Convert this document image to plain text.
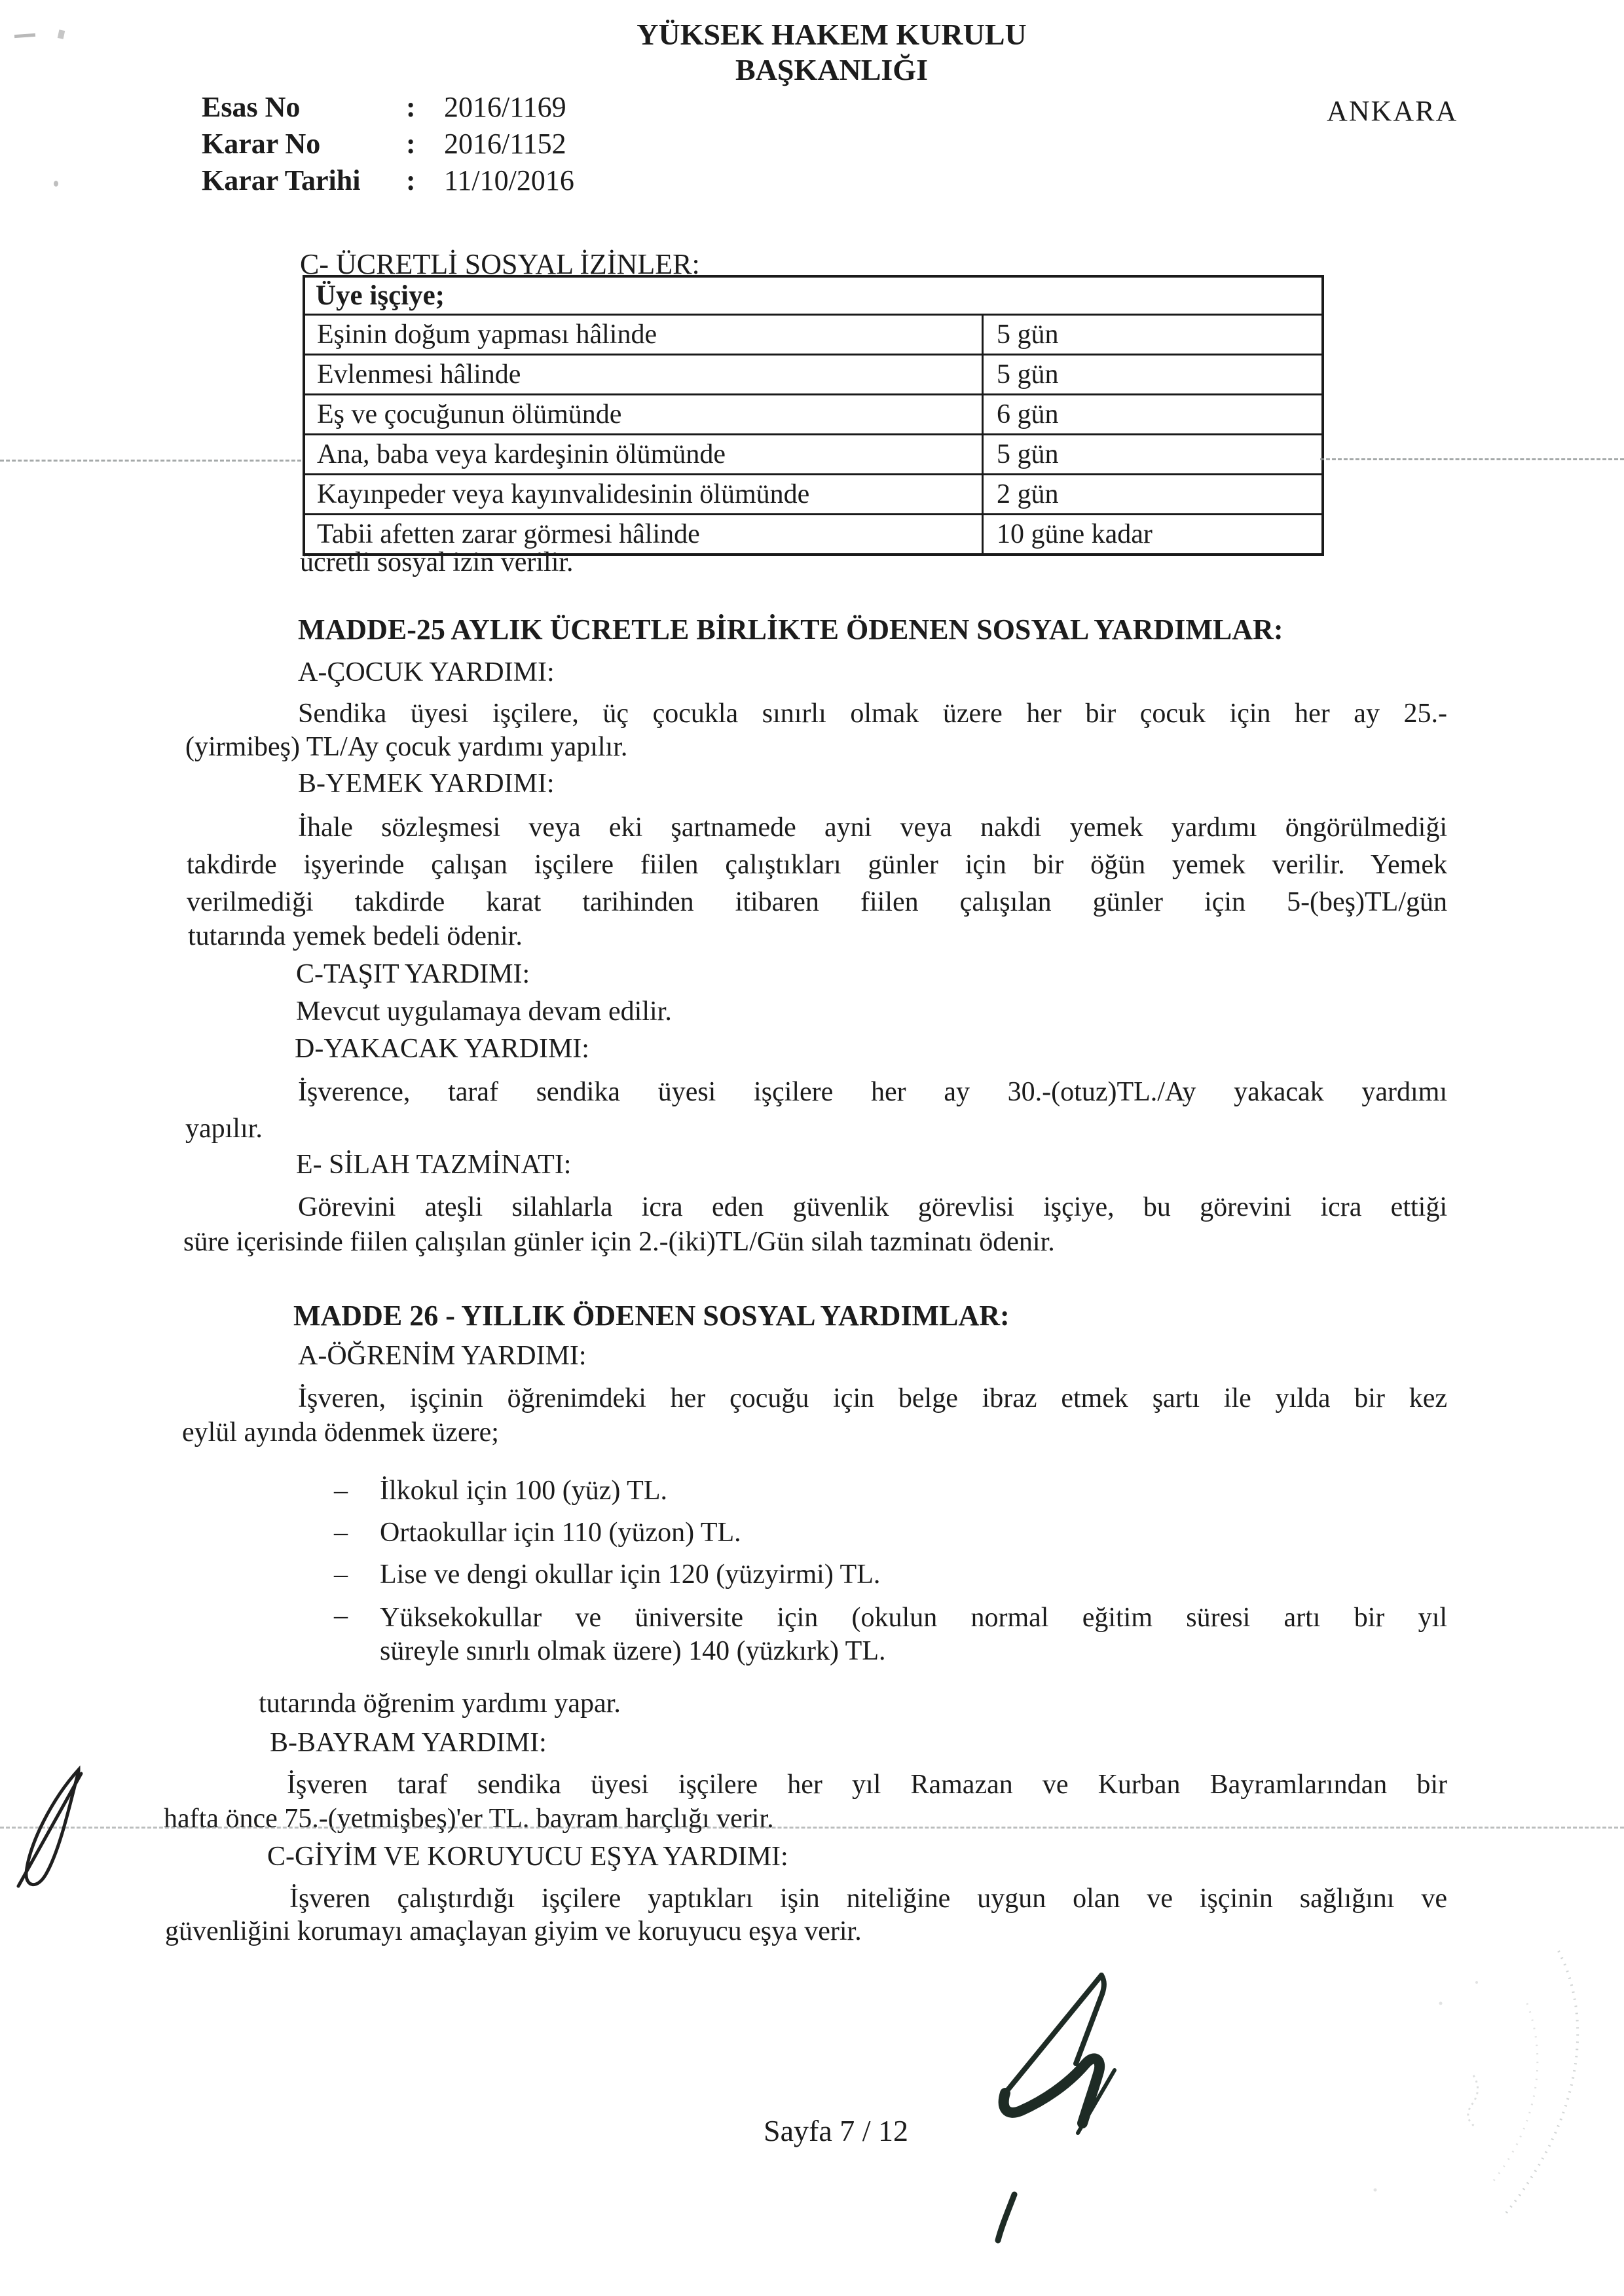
YÜKSEK HAKEM KURULU
BAŞKANLIĞI
ANKARA
Esas No	: 2016/1169
Karar No	: 2016/1152
Karar Tarihi	: 11/10/2016
C- ÜCRETLİ SOSYAL İZİNLER:
Üye işçiye;
Eşinin doğum yapması hâlinde	5 gün
Evlenmesi hâlinde	5 gün
Eş ve çocuğunun ölümünde	6 gün
Ana, baba veya kardeşinin ölümünde	5 gün
Kayınpeder veya kayınvalidesinin ölümünde	2 gün
Tabii afetten zarar görmesi hâlinde	10 güne kadar
ücretli sosyal izin verilir.
MADDE-25 AYLIK ÜCRETLE BİRLİKTE ÖDENEN SOSYAL YARDIMLAR:
A-ÇOCUK YARDIMI:
Sendika üyesi işçilere, üç çocukla sınırlı olmak üzere her bir çocuk için her ay 25.-
(yirmibeş) TL/Ay çocuk yardımı yapılır.
B-YEMEK YARDIMI:
İhale sözleşmesi veya eki şartnamede ayni veya nakdi yemek yardımı öngörülmediği
takdirde işyerinde çalışan işçilere fiilen çalıştıkları günler için bir öğün yemek verilir. Yemek
verilmediği takdirde karat tarihinden itibaren fiilen çalışılan günler için 5-(beş)TL/gün
tutarında yemek bedeli ödenir.
C-TAŞIT YARDIMI:
Mevcut uygulamaya devam edilir.
D-YAKACAK YARDIMI:
İşverence, taraf sendika üyesi işçilere her ay 30.-(otuz)TL./Ay yakacak yardımı
yapılır.
E- SİLAH TAZMİNATI:
Görevini ateşli silahlarla icra eden güvenlik görevlisi işçiye, bu görevini icra ettiği
süre içerisinde fiilen çalışılan günler için 2.-(iki)TL/Gün silah tazminatı ödenir.
MADDE 26 - YILLIK ÖDENEN SOSYAL YARDIMLAR:
A-ÖĞRENİM YARDIMI:
İşveren, işçinin öğrenimdeki her çocuğu için belge ibraz etmek şartı ile yılda bir kez
eylül ayında ödenmek üzere;
– İlkokul için 100 (yüz) TL.
– Ortaokullar için 110 (yüzon) TL.
– Lise ve dengi okullar için 120 (yüzyirmi) TL.
– Yüksekokullar ve üniversite için (okulun normal eğitim süresi artı bir yıl
süreyle sınırlı olmak üzere) 140 (yüzkırk) TL.
tutarında öğrenim yardımı yapar.
B-BAYRAM YARDIMI:
İşveren taraf sendika üyesi işçilere her yıl Ramazan ve Kurban Bayramlarından bir
hafta önce 75.-(yetmişbeş)'er TL. bayram harçlığı verir.
C-GİYİM VE KORUYUCU EŞYA YARDIMI:
İşveren çalıştırdığı işçilere yaptıkları işin niteliğine uygun olan ve işçinin sağlığını ve
güvenliğini korumayı amaçlayan giyim ve koruyucu eşya verir.
Sayfa 7 / 12
